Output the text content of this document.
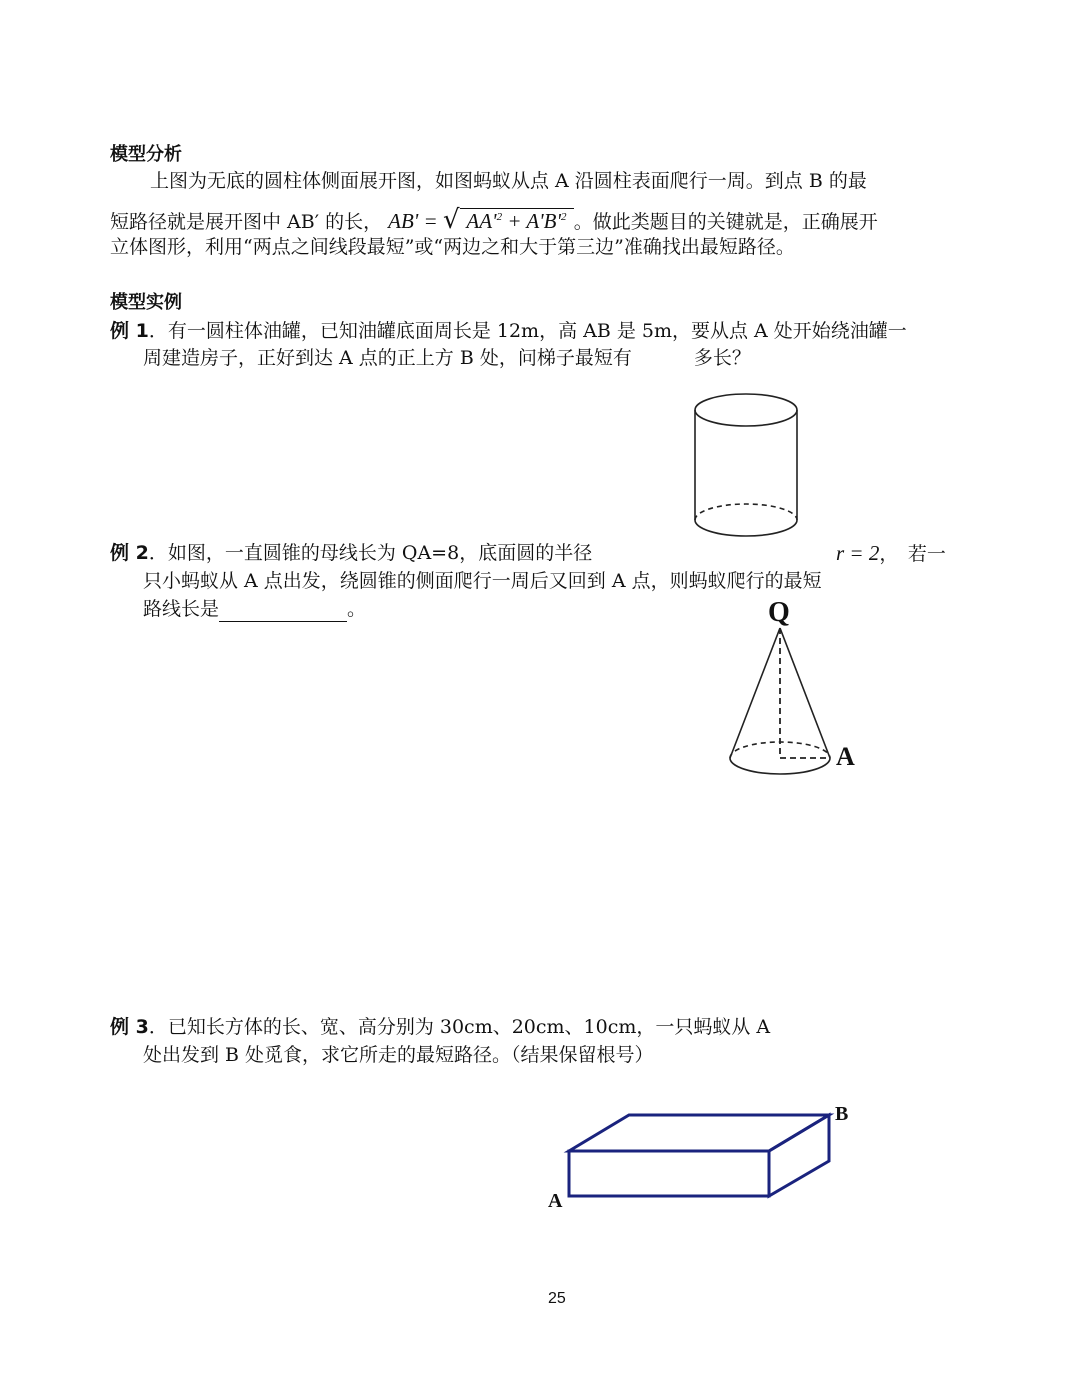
模型分析
上图为无底的圆柱体侧面展开图，如图蚂蚁从点 A 沿圆柱表面爬行一周。到点 B 的最
短路径就是展开图中 AB′ 的长， AB' = √ $AA'^2 + A'B'^2$ 。做此类题目的关键就是，正确展开
立体图形，利用“两点之间线段最短”或“两边之和大于第三边”准确找出最短路径。
模型实例
例 1．有一圆柱体油罐，已知油罐底面周长是 12m，高 AB 是 5m，要从点 A 处开始绕油罐一
周建造房子，正好到达 A 点的正上方 B 处，问梯子最短有	多长？
例 2．如图，一直圆锥的母线长为 QA=8，底面圆的半径	r = 2，　若一
只小蚂蚁从 A 点出发，绕圆锥的侧面爬行一周后又回到 A 点，则蚂蚁爬行的最短
路线长是	。	Q
A
例 3．已知长方体的长、宽、高分别为 30cm、20cm、10cm，一只蚂蚁从 A
处出发到 B 处觅食，求它所走的最短路径。（结果保留根号）
A
B
25
